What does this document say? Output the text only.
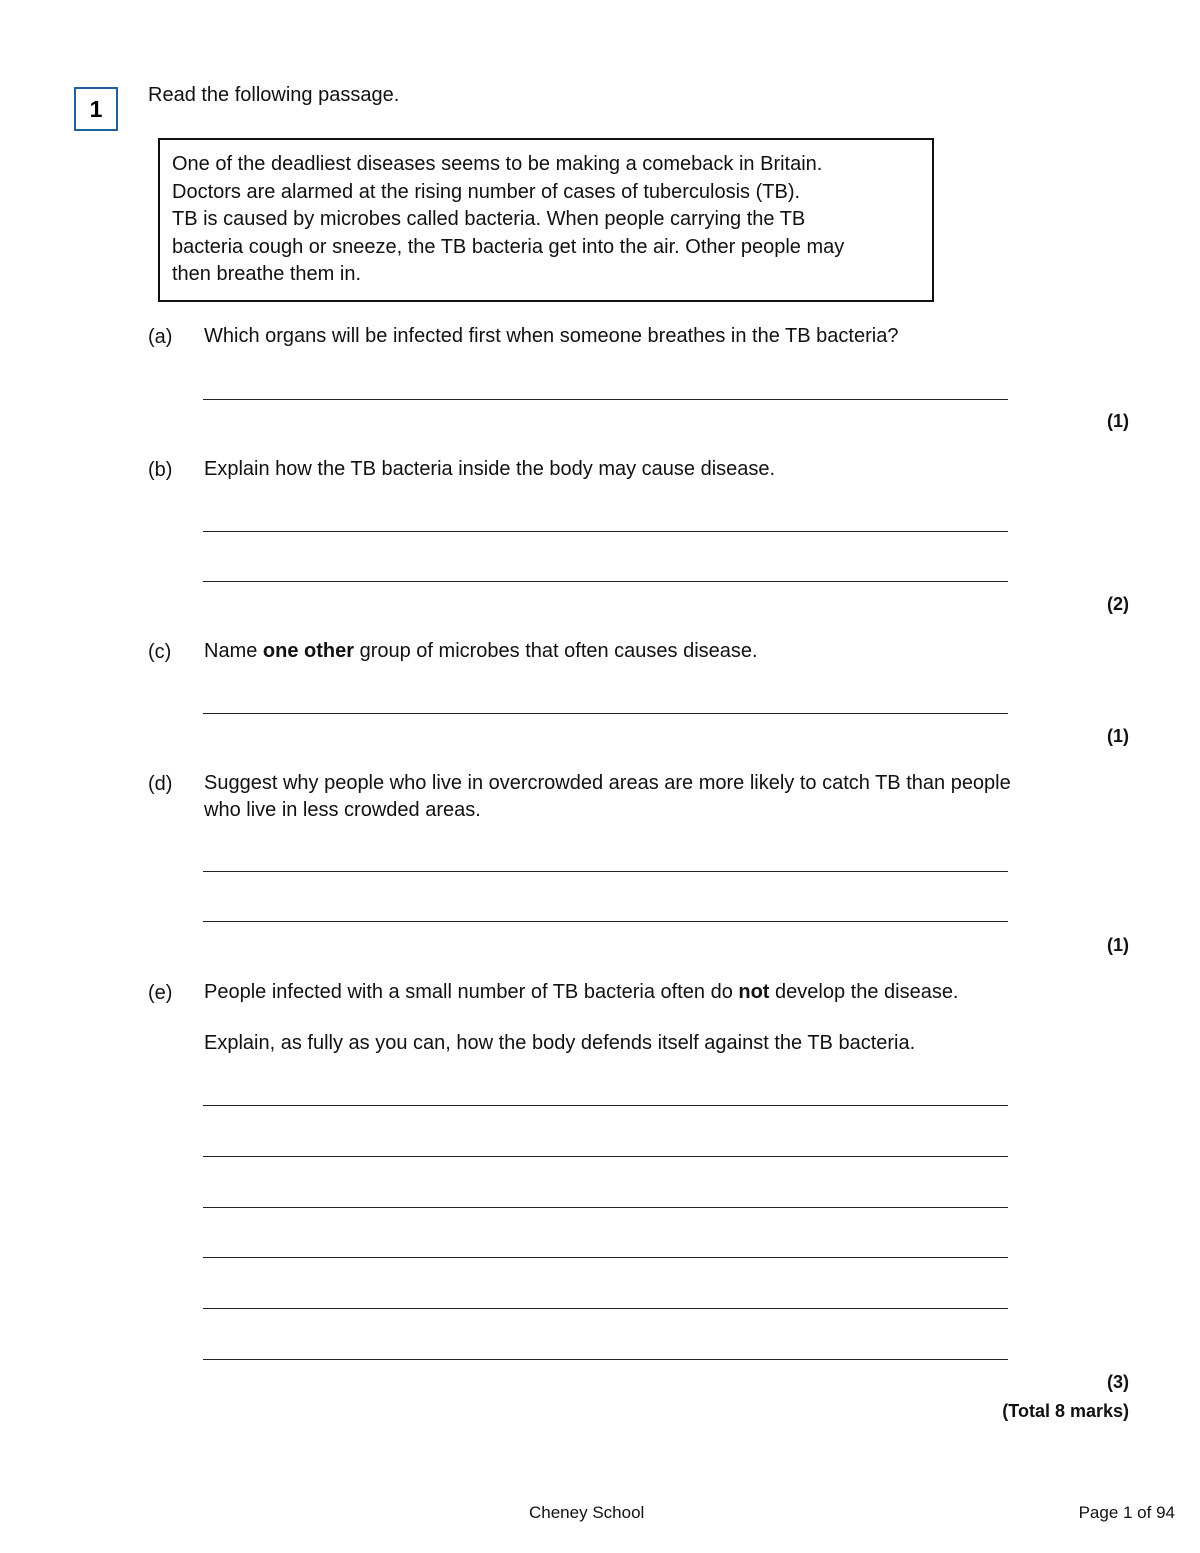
1
Read the following passage.
One of the deadliest diseases seems to be making a comeback in Britain.
Doctors are alarmed at the rising number of cases of tuberculosis (TB).
TB is caused by microbes called bacteria. When people carrying the TB
bacteria cough or sneeze, the TB bacteria get into the air. Other people may
then breathe them in.
(a) Which organs will be infected first when someone breathes in the TB bacteria?
(1)
(b) Explain how the TB bacteria inside the body may cause disease.
(2)
(c) Name one other group of microbes that often causes disease.
(1)
(d) Suggest why people who live in overcrowded areas are more likely to catch TB than people
who live in less crowded areas.
(1)
(e) People infected with a small number of TB bacteria often do not develop the disease.
Explain, as fully as you can, how the body defends itself against the TB bacteria.
(3)
(Total 8 marks)
Cheney School	Page 1 of 94
